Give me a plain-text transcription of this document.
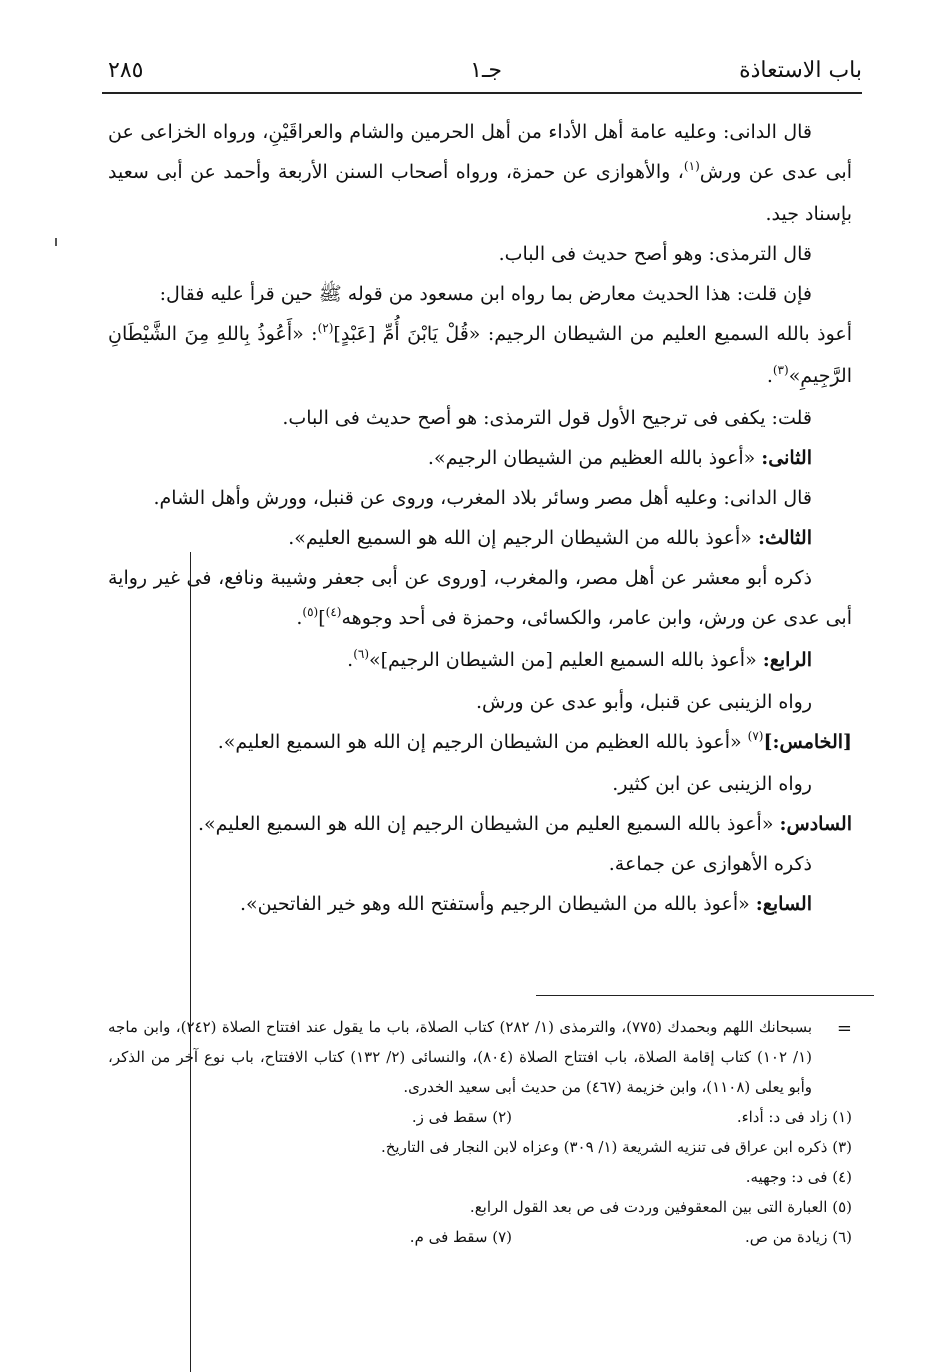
باب الاستعاذة
جـ١
٢٨٥

قال الدانى: وعليه عامة أهل الأداء من أهل الحرمين والشام والعراقَيْنِ، ورواه الخزاعى عن أبى عدى عن ورش$^{(١)}$، والأهوازى عن حمزة، ورواه أصحاب السنن الأربعة وأحمد عن أبى سعيد بإسناد جيد.

قال الترمذى: وهو أصح حديث فى الباب.

فإن قلت: هذا الحديث معارض بما رواه ابن مسعود من قوله ﷺ حين قرأ عليه فقال:

أعوذ بالله السميع العليم من الشيطان الرجيم: «قُلْ يَابْنَ أُمِّ [عَبْدٍ]$^{(٢)}$: «أَعُوذُ بِاللهِ مِنَ الشَّيْطَانِ الرَّجِيمِ»$^{(٣)}$.

قلت: يكفى فى ترجيح الأول قول الترمذى: هو أصح حديث فى الباب.

الثانى: «أعوذ بالله العظيم من الشيطان الرجيم».

قال الدانى: وعليه أهل مصر وسائر بلاد المغرب، وروى عن قنبل، وورش وأهل الشام.

الثالث: «أعوذ بالله من الشيطان الرجيم إن الله هو السميع العليم».

ذكره أبو معشر عن أهل مصر، والمغرب، [وروى عن أبى جعفر وشيبة ونافع، فى غير رواية أبى عدى عن ورش، وابن عامر، والكسائى، وحمزة فى أحد وجوهه$^{(٤)}$]$^{(٥)}$.

الرابع: «أعوذ بالله السميع العليم [من الشيطان الرجيم]»$^{(٦)}$.

رواه الزينبى عن قنبل، وأبو عدى عن ورش.

[الخامس:]$^{(٧)}$ «أعوذ بالله العظيم من الشيطان الرجيم إن الله هو السميع العليم».

رواه الزينبى عن ابن كثير.

السادس: «أعوذ بالله السميع العليم من الشيطان الرجيم إن الله هو السميع العليم».

ذكره الأهوازى عن جماعة.

السابع: «أعوذ بالله من الشيطان الرجيم وأستفتح الله وهو خير الفاتحين».

=
بسبحانك اللهم وبحمدك (٧٧٥)، والترمذى (١/ ٢٨٢) كتاب الصلاة، باب ما يقول عند افتتاح الصلاة (٢٤٢)، وابن ماجه (١/ ١٠٢) كتاب إقامة الصلاة، باب افتتاح الصلاة (٨٠٤)، والنسائى (٢/ ١٣٢) كتاب الافتتاح، باب نوع آخر من الذكر، وأبو يعلى (١١٠٨)، وابن خزيمة (٤٦٧) من حديث أبى سعيد الخدرى.
(١) زاد فى د: أداء.
(٢) سقط فى ز.
(٣) ذكره ابن عراق فى تنزيه الشريعة (١/ ٣٠٩) وعزاه لابن النجار فى التاريخ.
(٤) فى د: وجهيه.
(٥) العبارة التى بين المعقوفين وردت فى ص بعد القول الرابع.
(٦) زيادة من ص.
(٧) سقط فى م.
